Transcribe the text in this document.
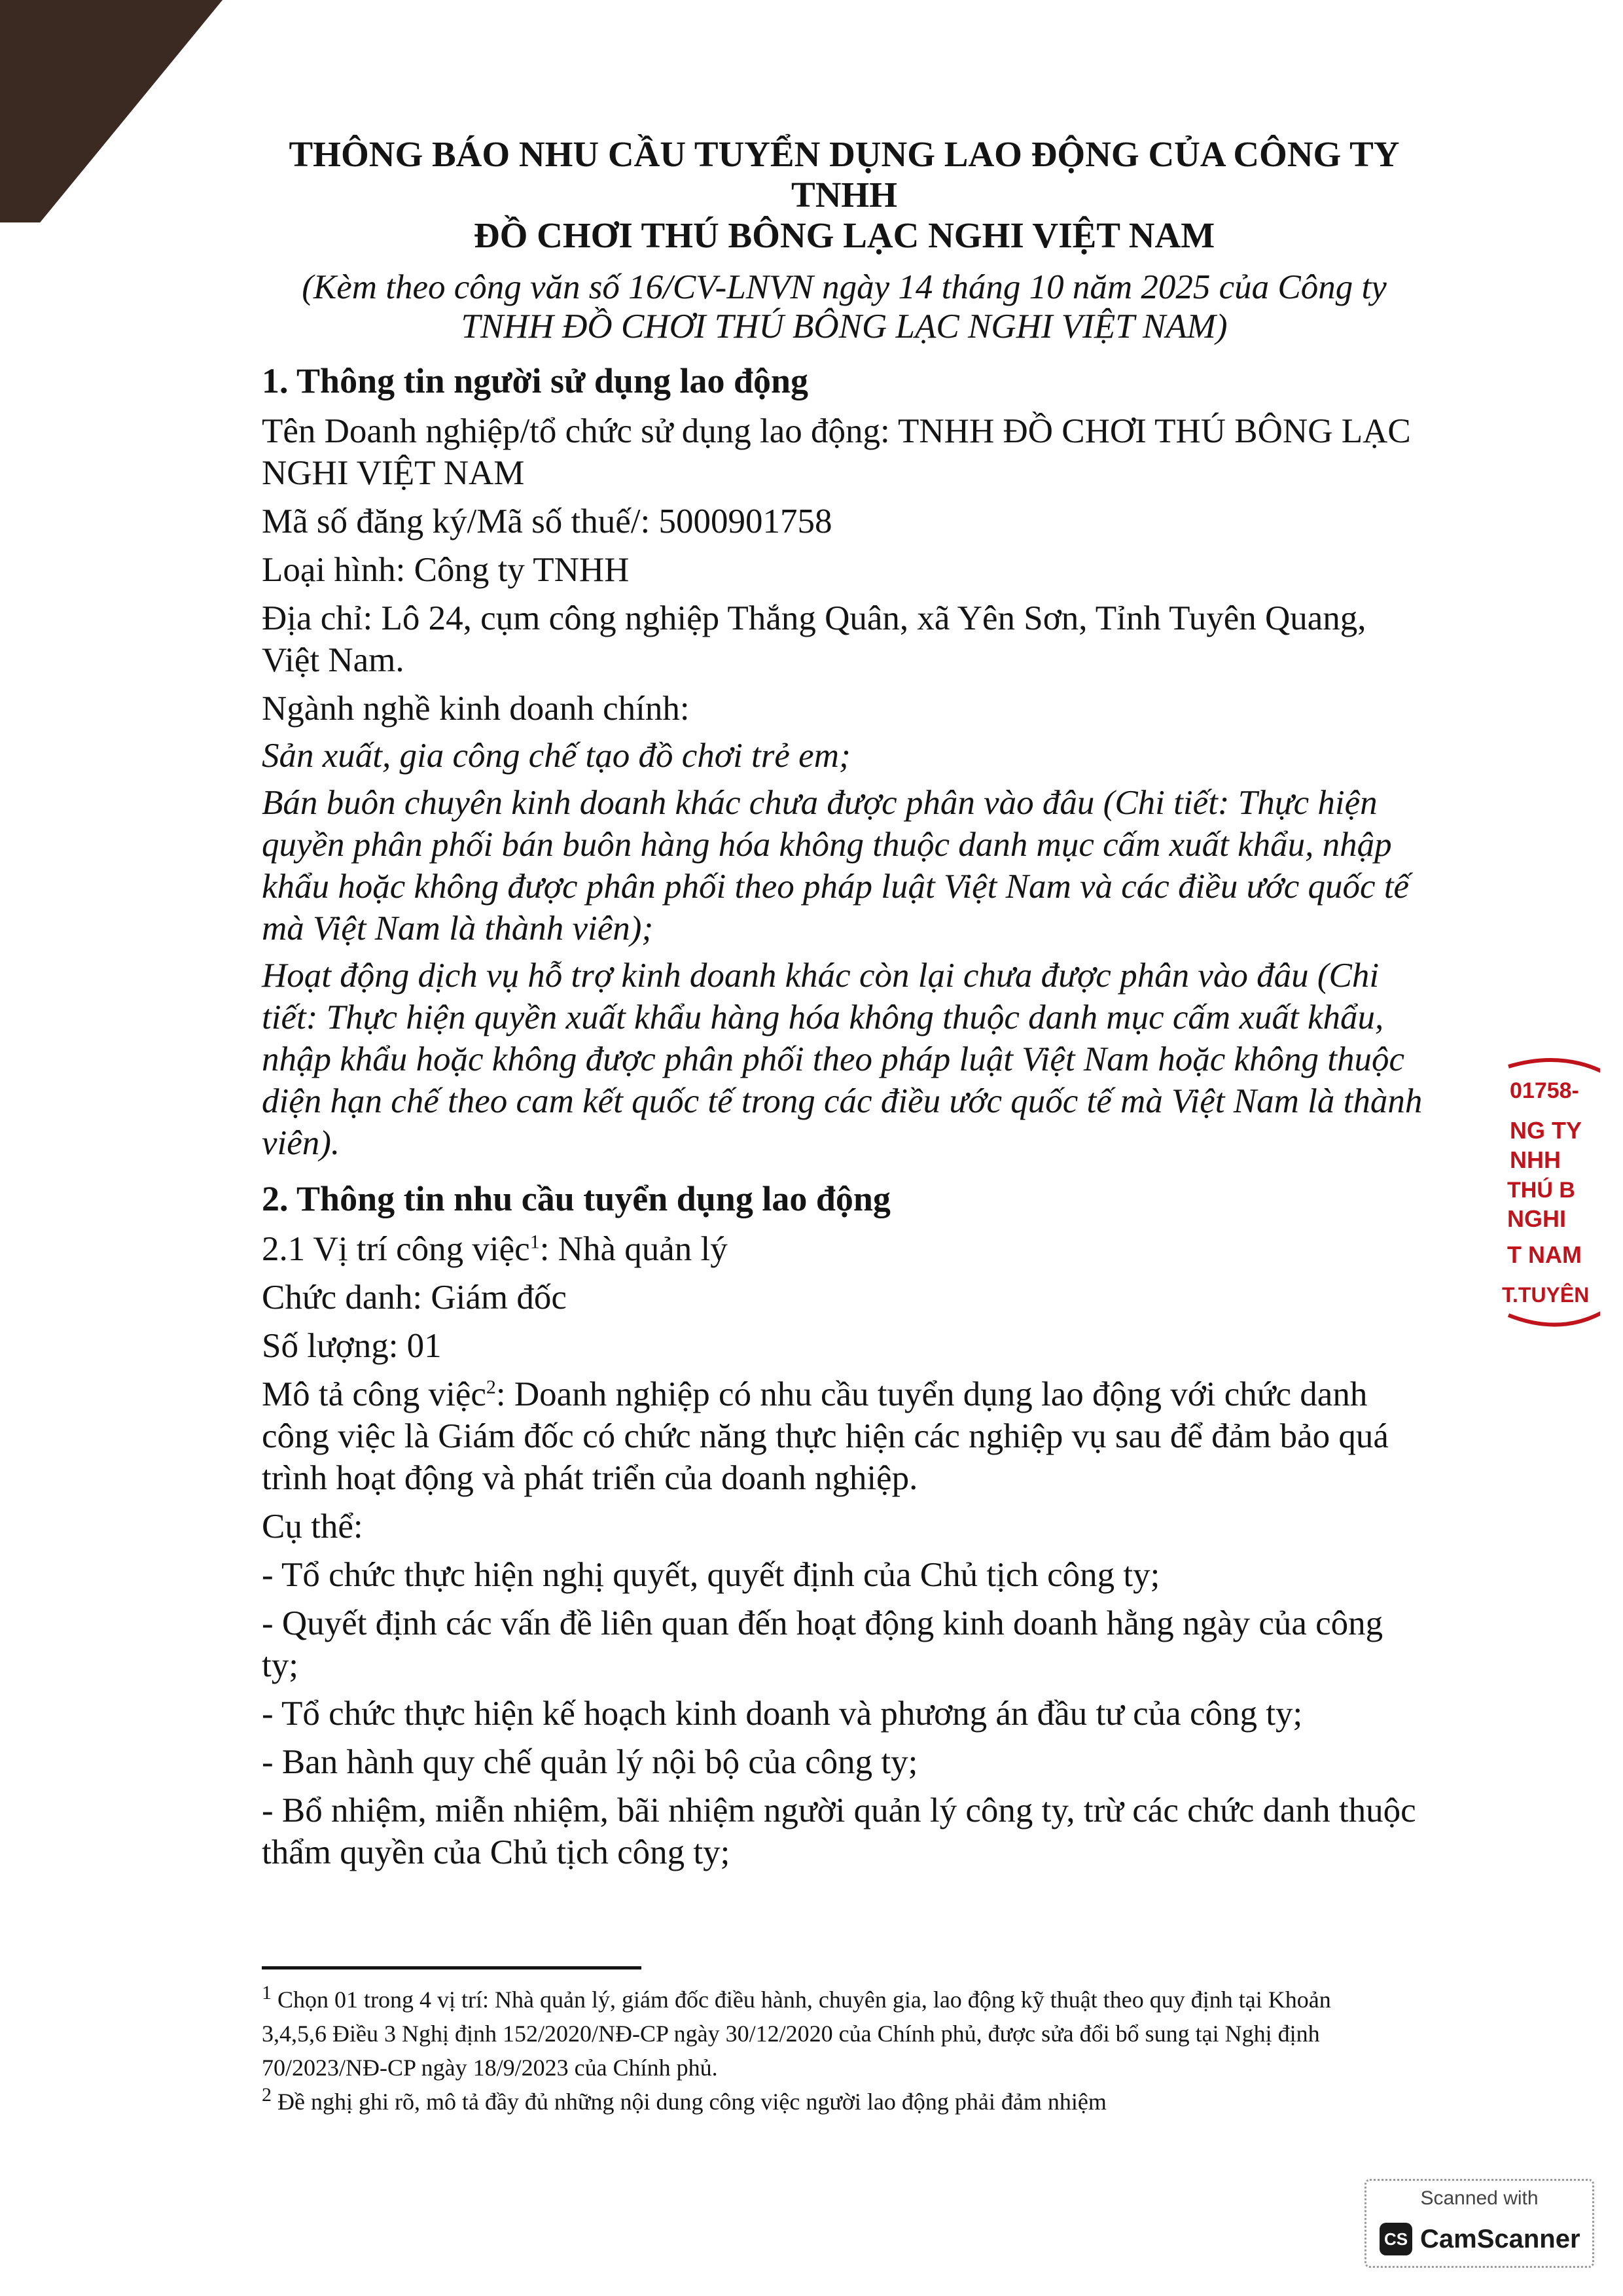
THÔNG BÁO NHU CẦU TUYỂN DỤNG LAO ĐỘNG CỦA CÔNG TY TNHH
ĐỒ CHƠI THÚ BÔNG LẠC NGHI VIỆT NAM

(Kèm theo công văn số 16/CV-LNVN ngày 14 tháng 10 năm 2025 của Công ty
TNHH ĐỒ CHƠI THÚ BÔNG LẠC NGHI VIỆT NAM)

1. Thông tin người sử dụng lao động

Tên Doanh nghiệp/tổ chức sử dụng lao động: TNHH ĐỒ CHƠI THÚ BÔNG LẠC NGHI VIỆT NAM

Mã số đăng ký/Mã số thuế/: 5000901758

Loại hình: Công ty TNHH

Địa chỉ: Lô 24, cụm công nghiệp Thắng Quân, xã Yên Sơn, Tỉnh Tuyên Quang, Việt Nam.

Ngành nghề kinh doanh chính:

Sản xuất, gia công chế tạo đồ chơi trẻ em;

Bán buôn chuyên kinh doanh khác chưa được phân vào đâu (Chi tiết: Thực hiện quyền phân phối bán buôn hàng hóa không thuộc danh mục cấm xuất khẩu, nhập khẩu hoặc không được phân phối theo pháp luật Việt Nam và các điều ước quốc tế mà Việt Nam là thành viên);

Hoạt động dịch vụ hỗ trợ kinh doanh khác còn lại chưa được phân vào đâu (Chi tiết: Thực hiện quyền xuất khẩu hàng hóa không thuộc danh mục cấm xuất khẩu, nhập khẩu hoặc không được phân phối theo pháp luật Việt Nam hoặc không thuộc diện hạn chế theo cam kết quốc tế trong các điều ước quốc tế mà Việt Nam là thành viên).

2. Thông tin nhu cầu tuyển dụng lao động

2.1 Vị trí công việc$^1$: Nhà quản lý

Chức danh: Giám đốc

Số lượng: 01

Mô tả công việc$^2$: Doanh nghiệp có nhu cầu tuyển dụng lao động với chức danh công việc là Giám đốc có chức năng thực hiện các nghiệp vụ sau để đảm bảo quá trình hoạt động và phát triển của doanh nghiệp.

Cụ thể:

- Tổ chức thực hiện nghị quyết, quyết định của Chủ tịch công ty;

- Quyết định các vấn đề liên quan đến hoạt động kinh doanh hằng ngày của công ty;

- Tổ chức thực hiện kế hoạch kinh doanh và phương án đầu tư của công ty;

- Ban hành quy chế quản lý nội bộ của công ty;

- Bổ nhiệm, miễn nhiệm, bãi nhiệm người quản lý công ty, trừ các chức danh thuộc thẩm quyền của Chủ tịch công ty;

$^1$ Chọn 01 trong 4 vị trí: Nhà quản lý, giám đốc điều hành, chuyên gia, lao động kỹ thuật theo quy định tại Khoản 3,4,5,6 Điều 3 Nghị định 152/2020/NĐ-CP ngày 30/12/2020 của Chính phủ, được sửa đổi bổ sung tại Nghị định 70/2023/NĐ-CP ngày 18/9/2023 của Chính phủ.

$^2$ Đề nghị ghi rõ, mô tả đầy đủ những nội dung công việc người lao động phải đảm nhiệm

01758-
NG TY
NHH
THÚ B
NGHI
T NAM
T.TUYÊN
Scanned with
CS CamScanner
